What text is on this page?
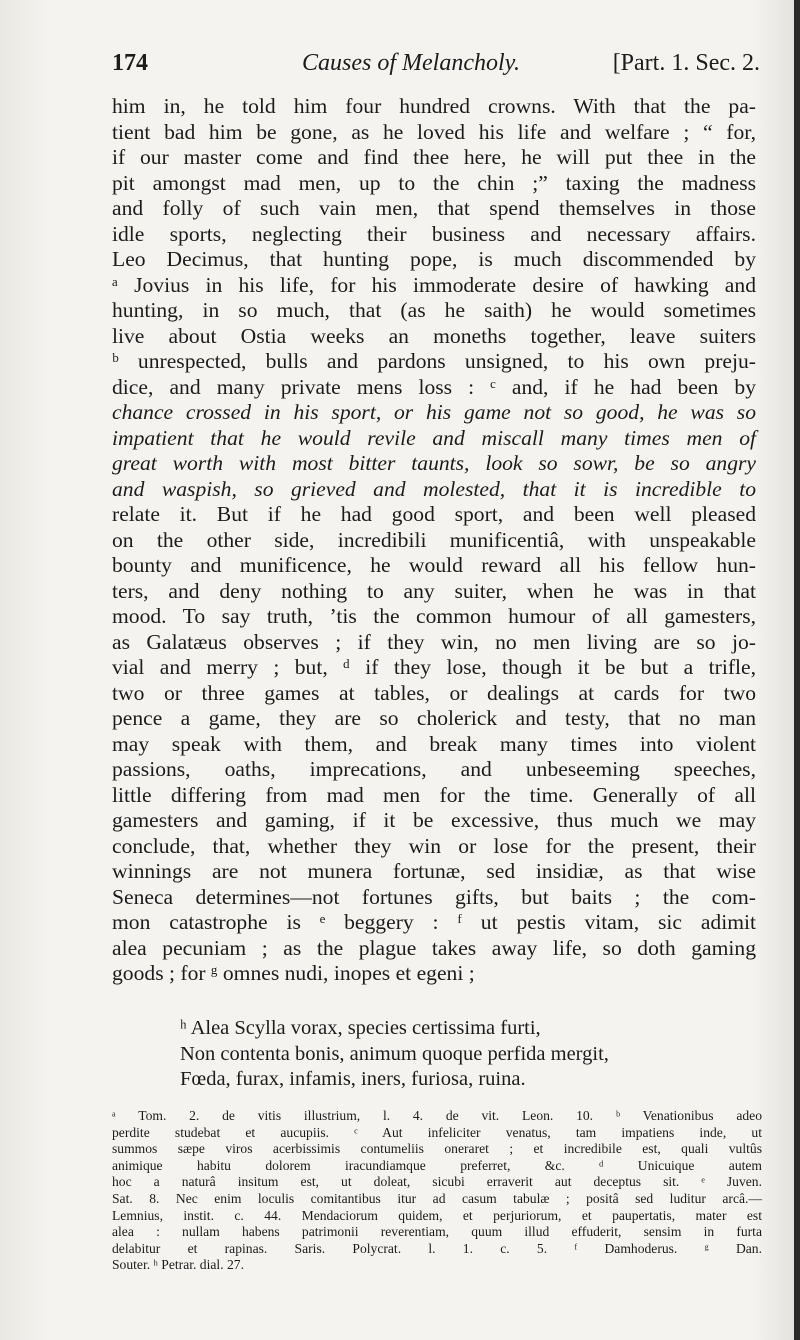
174	Causes of Melancholy.	[Part. 1. Sec. 2.
him in, he told him four hundred crowns. With that the pa-
tient bad him be gone, as he loved his life and welfare ; “ for,
if our master come and find thee here, he will put thee in the
pit amongst mad men, up to the chin ;” taxing the madness
and folly of such vain men, that spend themselves in those
idle sports, neglecting their business and necessary affairs.
Leo Decimus, that hunting pope, is much discommended by
ᵃ Jovius in his life, for his immoderate desire of hawking and
hunting, in so much, that (as he saith) he would sometimes
live about Ostia weeks an moneths together, leave suiters
ᵇ unrespected, bulls and pardons unsigned, to his own preju-
dice, and many private mens loss : ᶜ and, if he had been by
chance crossed in his sport, or his game not so good, he was so
impatient that he would revile and miscall many times men of
great worth with most bitter taunts, look so sowr, be so angry
and waspish, so grieved and molested, that it is incredible to
relate it. But if he had good sport, and been well pleased
on the other side, incredibili munificentiâ, with unspeakable
bounty and munificence, he would reward all his fellow hun-
ters, and deny nothing to any suiter, when he was in that
mood. To say truth, ’tis the common humour of all gamesters,
as Galatæus observes ; if they win, no men living are so jo-
vial and merry ; but, ᵈ if they lose, though it be but a trifle,
two or three games at tables, or dealings at cards for two
pence a game, they are so cholerick and testy, that no man
may speak with them, and break many times into violent
passions, oaths, imprecations, and unbeseeming speeches,
little differing from mad men for the time. Generally of all
gamesters and gaming, if it be excessive, thus much we may
conclude, that, whether they win or lose for the present, their
winnings are not munera fortunæ, sed insidiæ, as that wise
Seneca determines—not fortunes gifts, but baits ; the com-
mon catastrophe is ᵉ beggery : ᶠ ut pestis vitam, sic adimit
alea pecuniam ; as the plague takes away life, so doth gaming
goods ; for ᵍ omnes nudi, inopes et egeni ;
ʰ Alea Scylla vorax, species certissima furti,
Non contenta bonis, animum quoque perfida mergit,
Fœda, furax, infamis, iners, furiosa, ruina.
ᵃ Tom. 2. de vitis illustrium, l. 4. de vit. Leon. 10. ᵇ Venationibus adeo
perdite studebat et aucupiis. ᶜ Aut infeliciter venatus, tam impatiens inde, ut
summos sæpe viros acerbissimis contumeliis oneraret ; et incredibile est, quali vultûs
animique habitu dolorem iracundiamque preferret, &c. ᵈ Unicuique autem
hoc a naturâ insitum est, ut doleat, sicubi erraverit aut deceptus sit. ᵉ Juven.
Sat. 8. Nec enim loculis comitantibus itur ad casum tabulæ ; positâ sed luditur arcâ.—
Lemnius, instit. c. 44. Mendaciorum quidem, et perjuriorum, et paupertatis, mater est
alea : nullam habens patrimonii reverentiam, quum illud effuderit, sensim in furta
delabitur et rapinas. Saris. Polycrat. l. 1. c. 5. ᶠ Damhoderus. ᵍ Dan.
Souter. ʰ Petrar. dial. 27.
